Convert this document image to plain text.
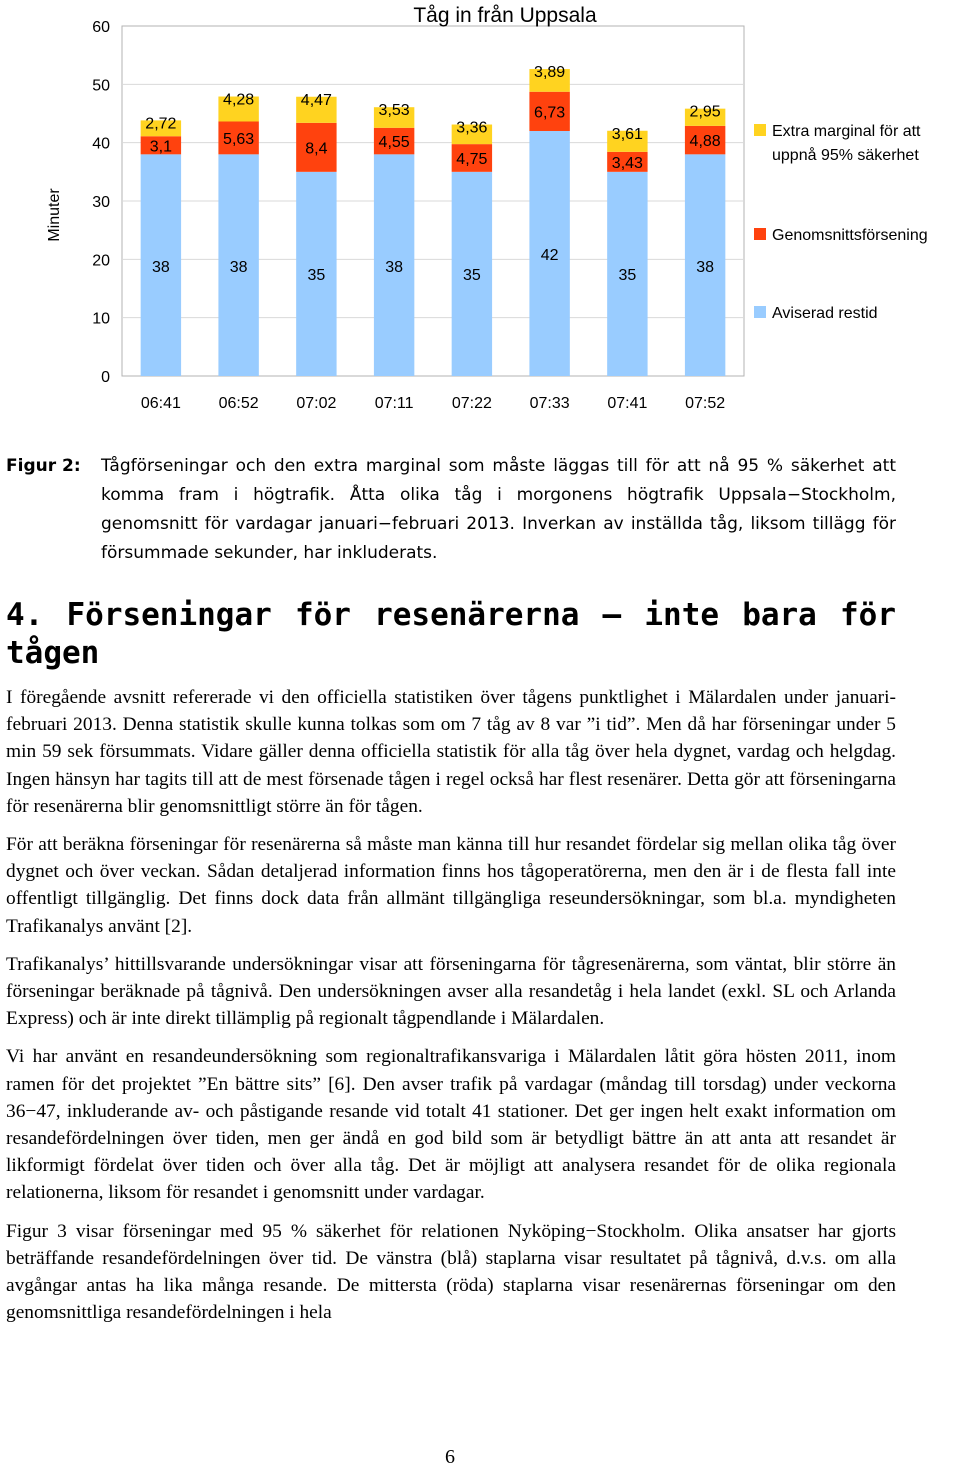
38
3,1
2,72
38
5,63
4,28
35
8,4
4,47
38
4,55
3,53
35
4,75
3,36
42
6,73
3,89
35
3,43
3,61
38
4,88
2,95
0
10
20
30
40
50
60
06:41 06:52 07:02 07:11 07:22 07:33 07:41 07:52
Tåg in från Uppsala
Minuter
Extra marginal för att
uppnå 95% säkerhet
Genomsnittsförsening
Aviserad restid
Figur 2: Tågförseningar och den extra marginal som måste läggas till för att nå 95 % säkerhet att komma fram i högtrafik. Åtta olika tåg i morgonens högtrafik Uppsala−Stockholm, genomsnitt för vardagar januari−februari 2013. Inverkan av inställda tåg, liksom tillägg för försummade sekunder, har inkluderats.
4. Förseningar för resenärerna – inte bara för tågen

I föregående avsnitt refererade vi den officiella statistiken över tågens punktlighet i Mälardalen under januari-februari 2013. Denna statistik skulle kunna tolkas som om 7 tåg av 8 var ”i tid”. Men då har förseningar under 5 min 59 sek försummats. Vidare gäller denna officiella statistik för alla tåg över hela dygnet, vardag och helgdag. Ingen hänsyn har tagits till att de mest försenade tågen i regel också har flest resenärer. Detta gör att förseningarna för resenärerna blir genomsnittligt större än för tågen.

För att beräkna förseningar för resenärerna så måste man känna till hur resandet fördelar sig mellan olika tåg över dygnet och över veckan. Sådan detaljerad information finns hos tågoperatörerna, men den är i de flesta fall inte offentligt tillgänglig. Det finns dock data från allmänt tillgängliga reseundersökningar, som bl.a. myndigheten Trafikanalys använt [2].

Trafikanalys’ hittillsvarande undersökningar visar att förseningarna för tågresenärerna, som väntat, blir större än förseningar beräknade på tågnivå. Den undersökningen avser alla resandetåg i hela landet (exkl. SL och Arlanda Express) och är inte direkt tillämplig på regionalt tågpendlande i Mälardalen.

Vi har använt en resandeundersökning som regionaltrafikansvariga i Mälardalen låtit göra hösten 2011, inom ramen för det projektet ”En bättre sits” [6]. Den avser trafik på vardagar (måndag till torsdag) under veckorna 36−47, inkluderande av- och påstigande resande vid totalt 41 stationer. Det ger ingen helt exakt information om resandefördelningen över tiden, men ger ändå en god bild som är betydligt bättre än att anta att resandet är likformigt fördelat över tiden och över alla tåg. Det är möjligt att analysera resandet för de olika regionala relationerna, liksom för resandet i genomsnitt under vardagar.

Figur 3 visar förseningar med 95 % säkerhet för relationen Nyköping−Stockholm. Olika ansatser har gjorts beträffande resandefördelningen över tid. De vänstra (blå) staplarna visar resultatet på tågnivå, d.v.s. om alla avgångar antas ha lika många resande. De mittersta (röda) staplarna visar resenärernas förseningar om den genomsnittliga resandefördelningen i hela

6
